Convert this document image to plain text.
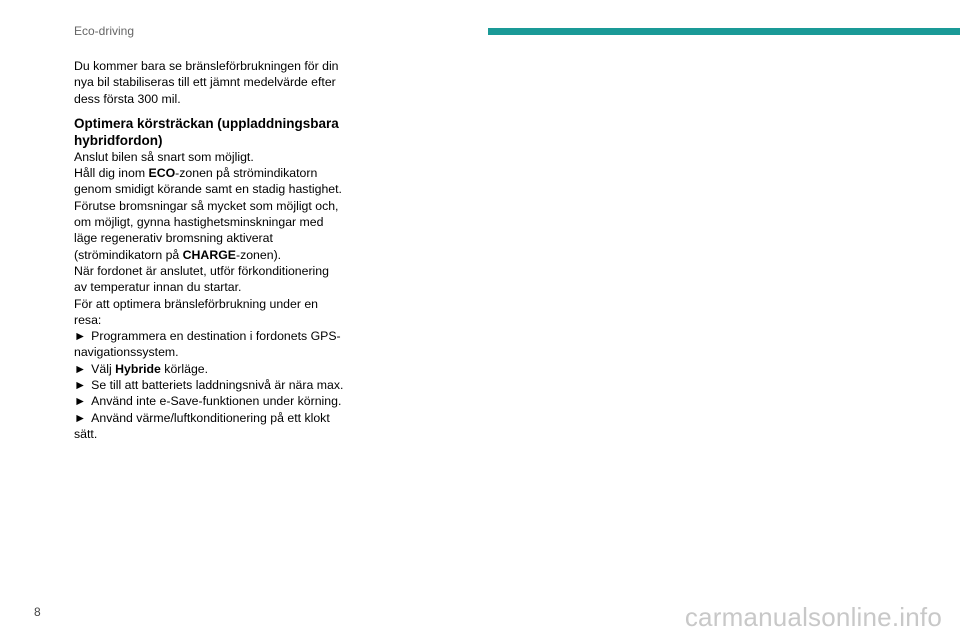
Eco-driving

Du kommer bara se bränsleförbrukningen för din nya bil stabiliseras till ett jämnt medelvärde efter dess första 300 mil.

Optimera körsträckan (uppladdningsbara hybridfordon)

Anslut bilen så snart som möjligt.

Håll dig inom ECO-zonen på strömindikatorn genom smidigt körande samt en stadig hastighet.

Förutse bromsningar så mycket som möjligt och, om möjligt, gynna hastighetsminskningar med läge regenerativ bromsning aktiverat (strömindikatorn på CHARGE-zonen).

När fordonet är anslutet, utför förkonditionering av temperatur innan du startar.

För att optimera bränsleförbrukning under en resa:

► Programmera en destination i fordonets GPS-navigationssystem.

► Välj Hybride körläge.

► Se till att batteriets laddningsnivå är nära max.

► Använd inte e-Save-funktionen under körning.

► Använd värme/luftkonditionering på ett klokt sätt.

8	carmanualsonline.info
